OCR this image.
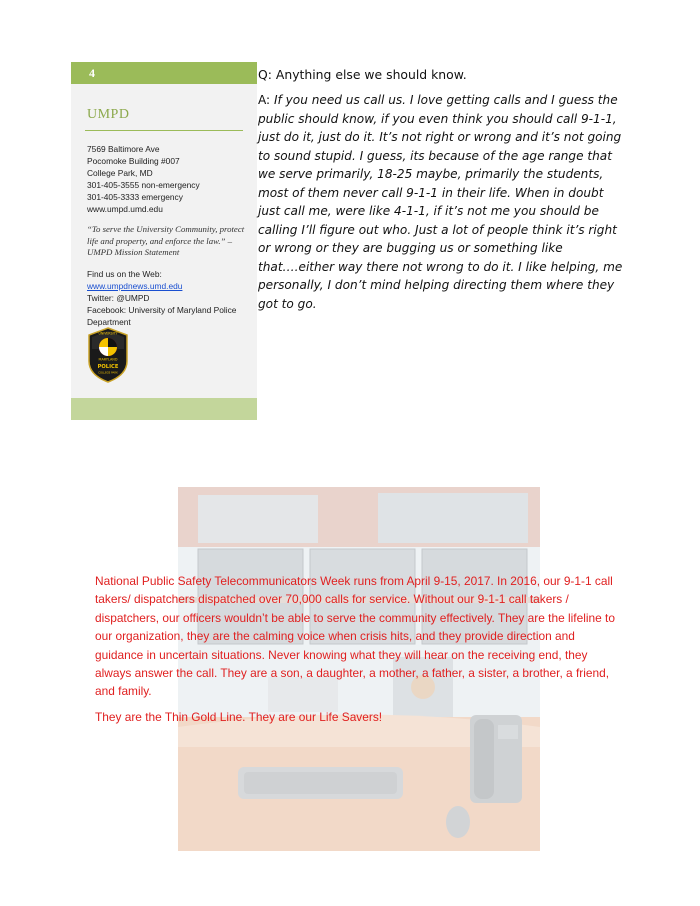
4
UMPD
7569 Baltimore Ave
Pocomoke Building #007
College Park, MD
301-405-3555 non-emergency
301-405-3333 emergency
www.umpd.umd.edu
“To serve the University Community, protect life and property, and enforce the law.” – UMPD Mission Statement
Find us on the Web:
www.umpdnews.umd.edu
Twitter: @UMPD
Facebook: University of Maryland Police Department
UNIVERSITY
MARYLAND
POLICE
COLLEGE PARK

Q: Anything else we should know.

A: If you need us call us. I love getting calls and I guess the public should know, if you even think you should call 9-1-1, just do it, just do it. It’s not right or wrong and it’s not going to sound stupid. I guess, its because of the age range that we serve primarily, 18-25 maybe, primarily the students, most of them never call 9-1-1 in their life. When in doubt just call me, were like 4-1-1, if it’s not me you should be calling I’ll figure out who. Just a lot of people think it’s right or wrong or they are bugging us or something like that….either way there not wrong to do it. I like helping, me personally, I don’t mind helping directing them where they got to go.

National Public Safety Telecommunicators Week runs from April 9-15, 2017. In 2016, our 9-1-1 call takers/ dispatchers dispatched over 70,000 calls for service. Without our 9-1-1 call takers / dispatchers, our officers wouldn’t be able to serve the community effectively. They are the lifeline to our organization, they are the calming voice when crisis hits, and they provide direction and guidance in uncertain situations. Never knowing what they will hear on the receiving end, they always answer the call. They are a son, a daughter, a mother, a father, a sister, a brother, a friend, and family.

They are the Thin Gold Line. They are our Life Savers!
